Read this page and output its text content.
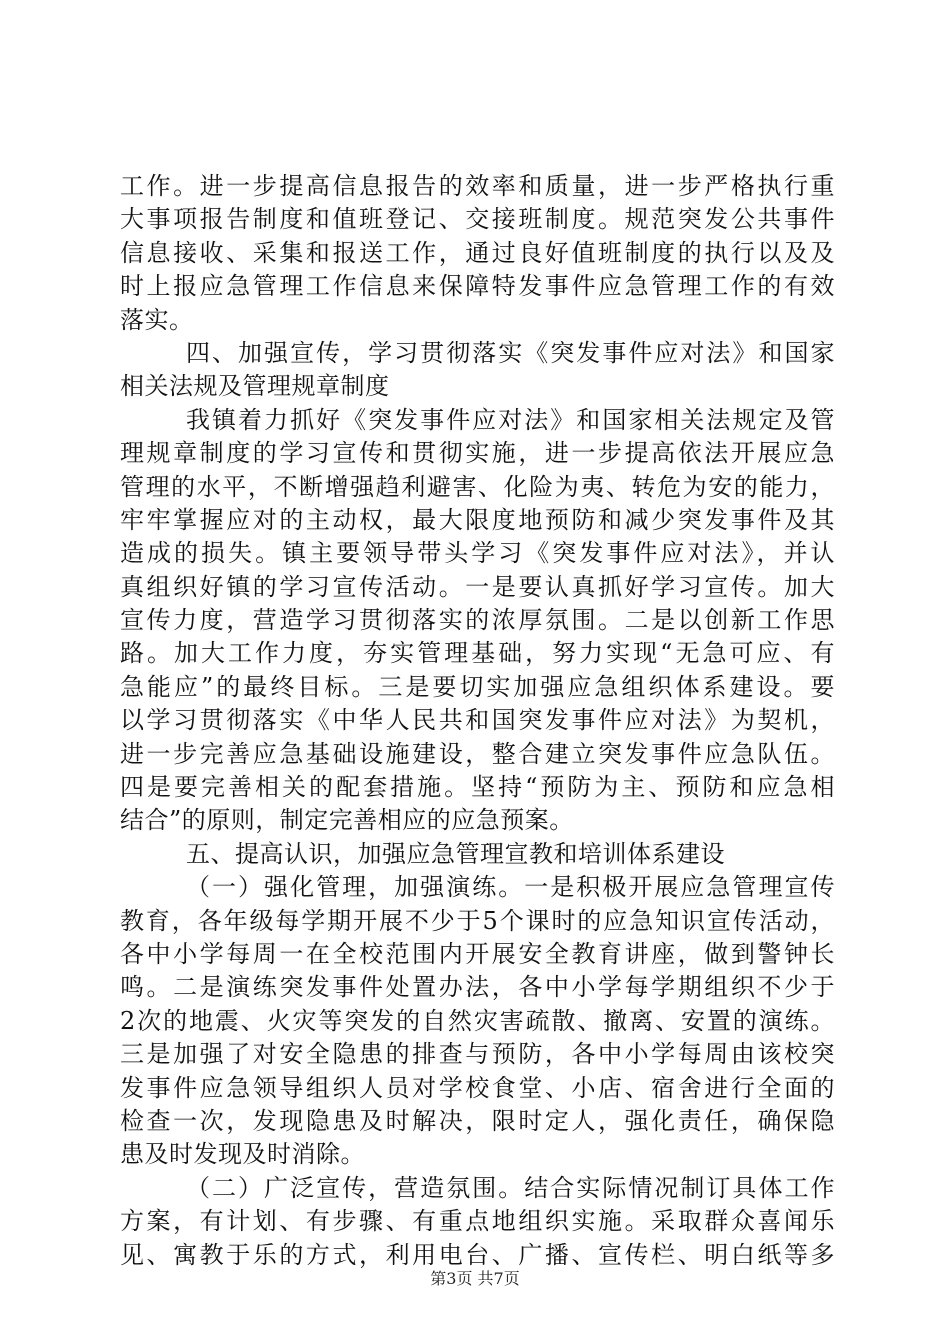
工作。进一步提高信息报告的效率和质量，进一步严格执行重
大事项报告制度和值班登记、交接班制度。规范突发公共事件
信息接收、采集和报送工作，通过良好值班制度的执行以及及
时上报应急管理工作信息来保障特发事件应急管理工作的有效
落实。
四、加强宣传，学习贯彻落实《突发事件应对法》和国家
相关法规及管理规章制度
我镇着力抓好《突发事件应对法》和国家相关法规定及管
理规章制度的学习宣传和贯彻实施，进一步提高依法开展应急
管理的水平，不断增强趋利避害、化险为夷、转危为安的能力，
牢牢掌握应对的主动权，最大限度地预防和减少突发事件及其
造成的损失。镇主要领导带头学习《突发事件应对法》，并认
真组织好镇的学习宣传活动。一是要认真抓好学习宣传。加大
宣传力度，营造学习贯彻落实的浓厚氛围。二是以创新工作思
路。加大工作力度，夯实管理基础，努力实现“无急可应、有
急能应”的最终目标。三是要切实加强应急组织体系建设。要
以学习贯彻落实《中华人民共和国突发事件应对法》为契机，
进一步完善应急基础设施建设，整合建立突发事件应急队伍。
四是要完善相关的配套措施。坚持“预防为主、预防和应急相
结合”的原则，制定完善相应的应急预案。
五、提高认识，加强应急管理宣教和培训体系建设
（一）强化管理，加强演练。一是积极开展应急管理宣传
教育，各年级每学期开展不少于5个课时的应急知识宣传活动，
各中小学每周一在全校范围内开展安全教育讲座，做到警钟长
鸣。二是演练突发事件处置办法，各中小学每学期组织不少于
2次的地震、火灾等突发的自然灾害疏散、撤离、安置的演练。
三是加强了对安全隐患的排查与预防，各中小学每周由该校突
发事件应急领导组织人员对学校食堂、小店、宿舍进行全面的
检查一次，发现隐患及时解决，限时定人，强化责任，确保隐
患及时发现及时消除。
（二）广泛宣传，营造氛围。结合实际情况制订具体工作
方案，有计划、有步骤、有重点地组织实施。采取群众喜闻乐
见、寓教于乐的方式，利用电台、广播、宣传栏、明白纸等多
第3页 共7页
